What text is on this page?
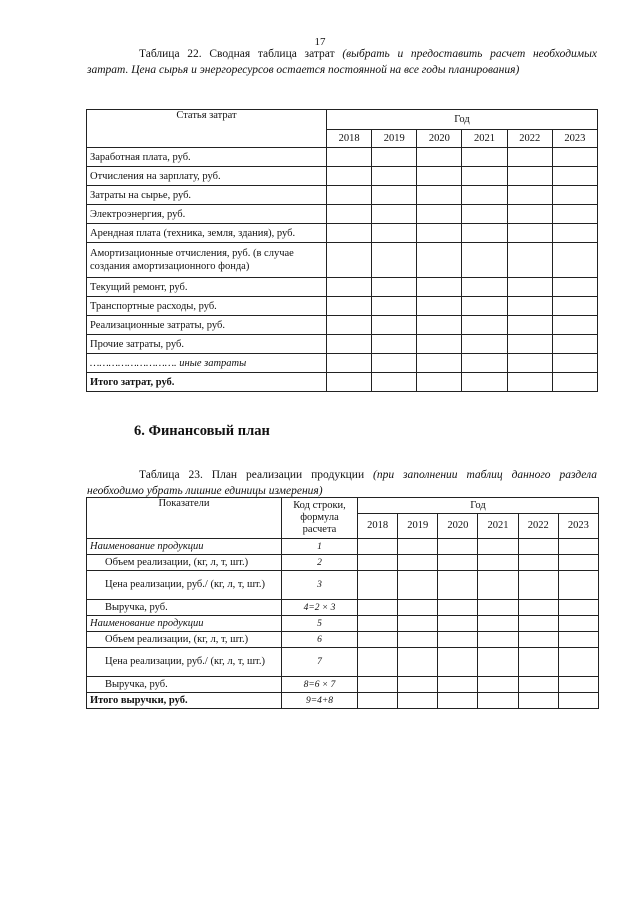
17
Таблица 22. Сводная таблица затрат (выбрать и предоставить расчет необходимых затрат. Цена сырья и энергоресурсов остается постоянной на все годы планирования)
Статья затрат	Год					
	2018	2019	2020	2021	2022	2023
Заработная плата, руб.						
Отчисления на зарплату, руб.						
Затраты на сырье, руб.						
Электроэнергия, руб.						
Арендная плата (техника, земля, здания), руб.						
Амортизационные отчисления, руб. (в случае создания амортизационного фонда)						
Текущий ремонт, руб.						
Транспортные расходы, руб.						
Реализационные затраты, руб.						
Прочие затраты, руб.						
………………………. иные затраты						
Итого затрат, руб.						
6. Финансовый план
Таблица 23. План реализации продукции (при заполнении таблиц данного раздела необходимо убрать лишние единицы измерения)
Показатели	Код строки, формула расчета	Год					
		2018	2019	2020	2021	2022	2023
Наименование продукции	1						
Объем реализации, (кг, л, т, шт.)	2						
Цена реализации, руб./ (кг, л, т, шт.)	3						
Выручка, руб.	4=2 × 3						
Наименование продукции	5						
Объем реализации, (кг, л, т, шт.)	6						
Цена реализации, руб./ (кг, л, т, шт.)	7						
Выручка, руб.	8=6 × 7						
Итого выручки, руб.	9=4+8						
